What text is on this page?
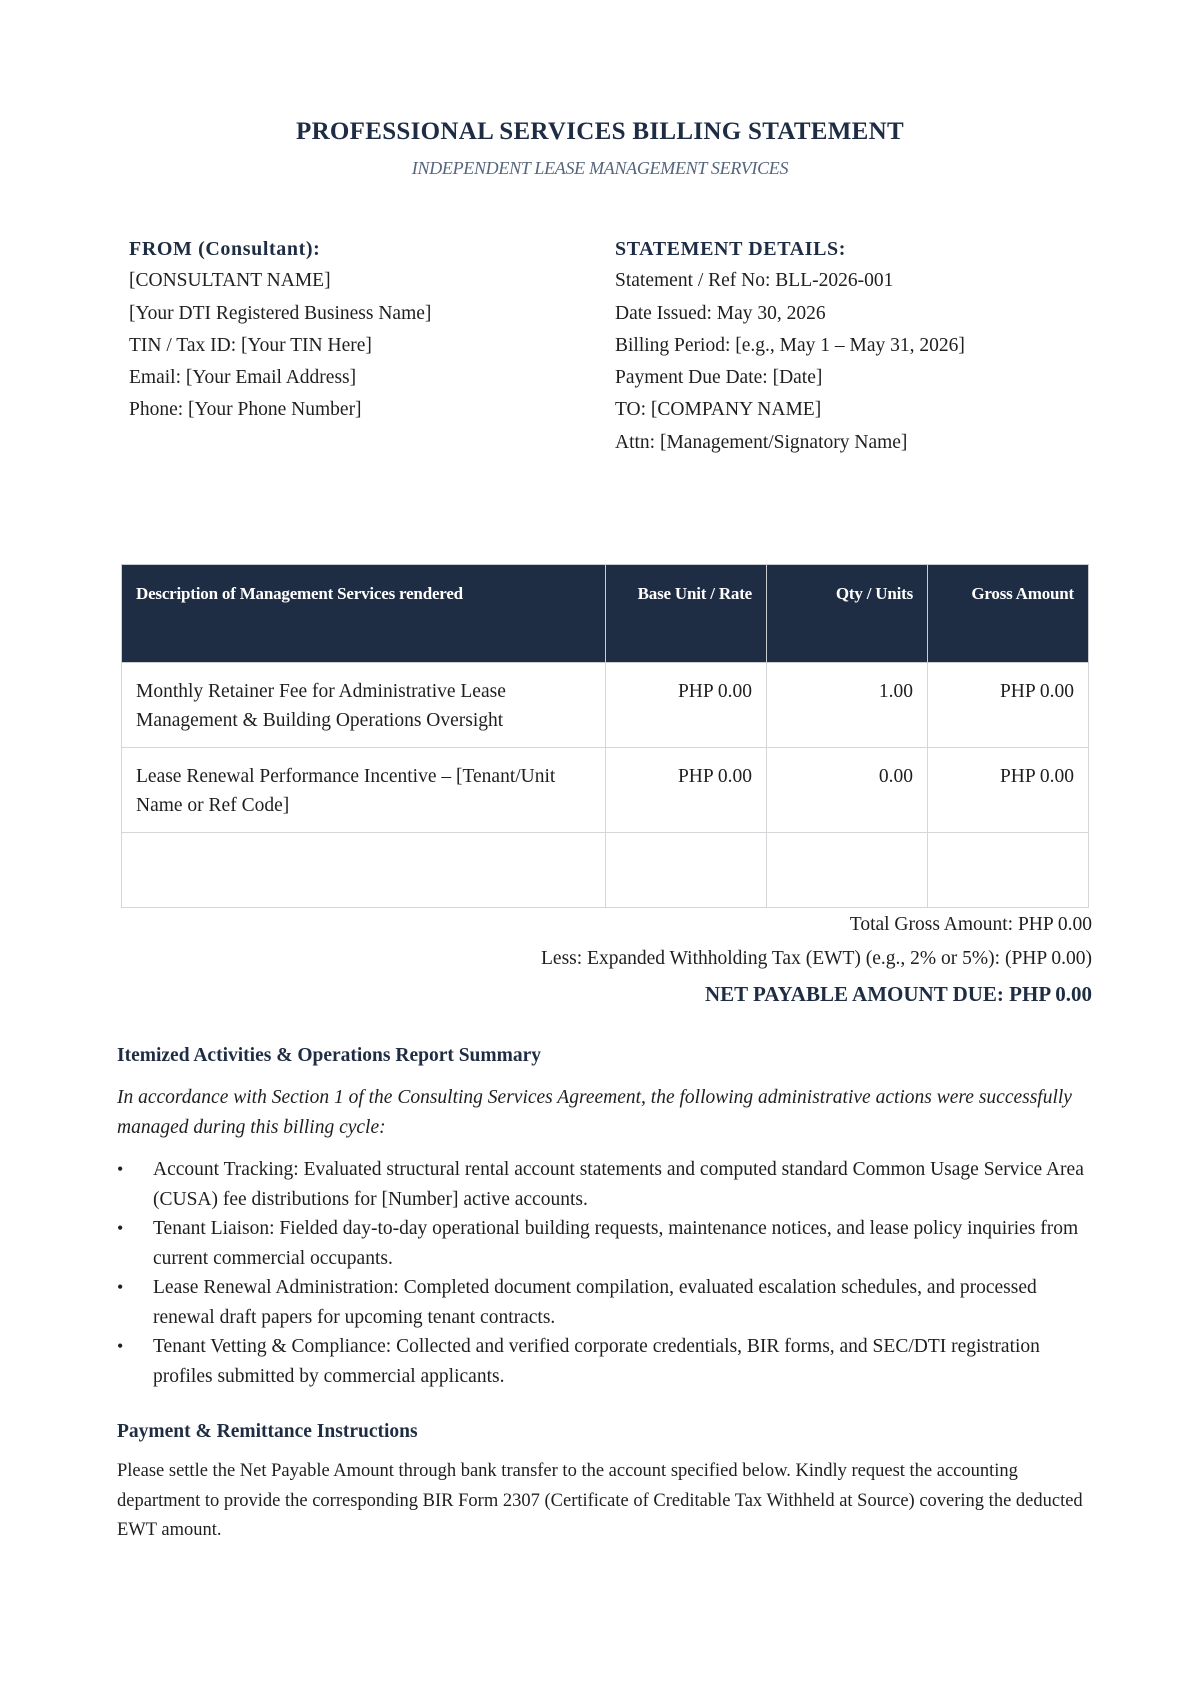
PROFESSIONAL SERVICES BILLING STATEMENT
INDEPENDENT LEASE MANAGEMENT SERVICES
FROM (Consultant):
[CONSULTANT NAME]
[Your DTI Registered Business Name]
TIN / Tax ID: [Your TIN Here]
Email: [Your Email Address]
Phone: [Your Phone Number]
STATEMENT DETAILS:
Statement / Ref No: BLL-2026-001
Date Issued: May 30, 2026
Billing Period: [e.g., May 1 – May 31, 2026]
Payment Due Date: [Date]
TO: [COMPANY NAME]
Attn: [Management/Signatory Name]
Description of Management Services rendered	Base Unit / Rate	Qty / Units	Gross Amount
Monthly Retainer Fee for Administrative Lease Management & Building Operations Oversight	PHP 0.00	1.00	PHP 0.00
Lease Renewal Performance Incentive – [Tenant/Unit Name or Ref Code]	PHP 0.00	0.00	PHP 0.00

Total Gross Amount: PHP 0.00
Less: Expanded Withholding Tax (EWT) (e.g., 2% or 5%): (PHP 0.00)
NET PAYABLE AMOUNT DUE: PHP 0.00
Itemized Activities & Operations Report Summary
In accordance with Section 1 of the Consulting Services Agreement, the following administrative actions were successfully managed during this billing cycle:
• Account Tracking: Evaluated structural rental account statements and computed standard Common Usage Service Area (CUSA) fee distributions for [Number] active accounts.
• Tenant Liaison: Fielded day-to-day operational building requests, maintenance notices, and lease policy inquiries from current commercial occupants.
• Lease Renewal Administration: Completed document compilation, evaluated escalation schedules, and processed renewal draft papers for upcoming tenant contracts.
• Tenant Vetting & Compliance: Collected and verified corporate credentials, BIR forms, and SEC/DTI registration profiles submitted by commercial applicants.
Payment & Remittance Instructions
Please settle the Net Payable Amount through bank transfer to the account specified below. Kindly request the accounting department to provide the corresponding BIR Form 2307 (Certificate of Creditable Tax Withheld at Source) covering the deducted EWT amount.
